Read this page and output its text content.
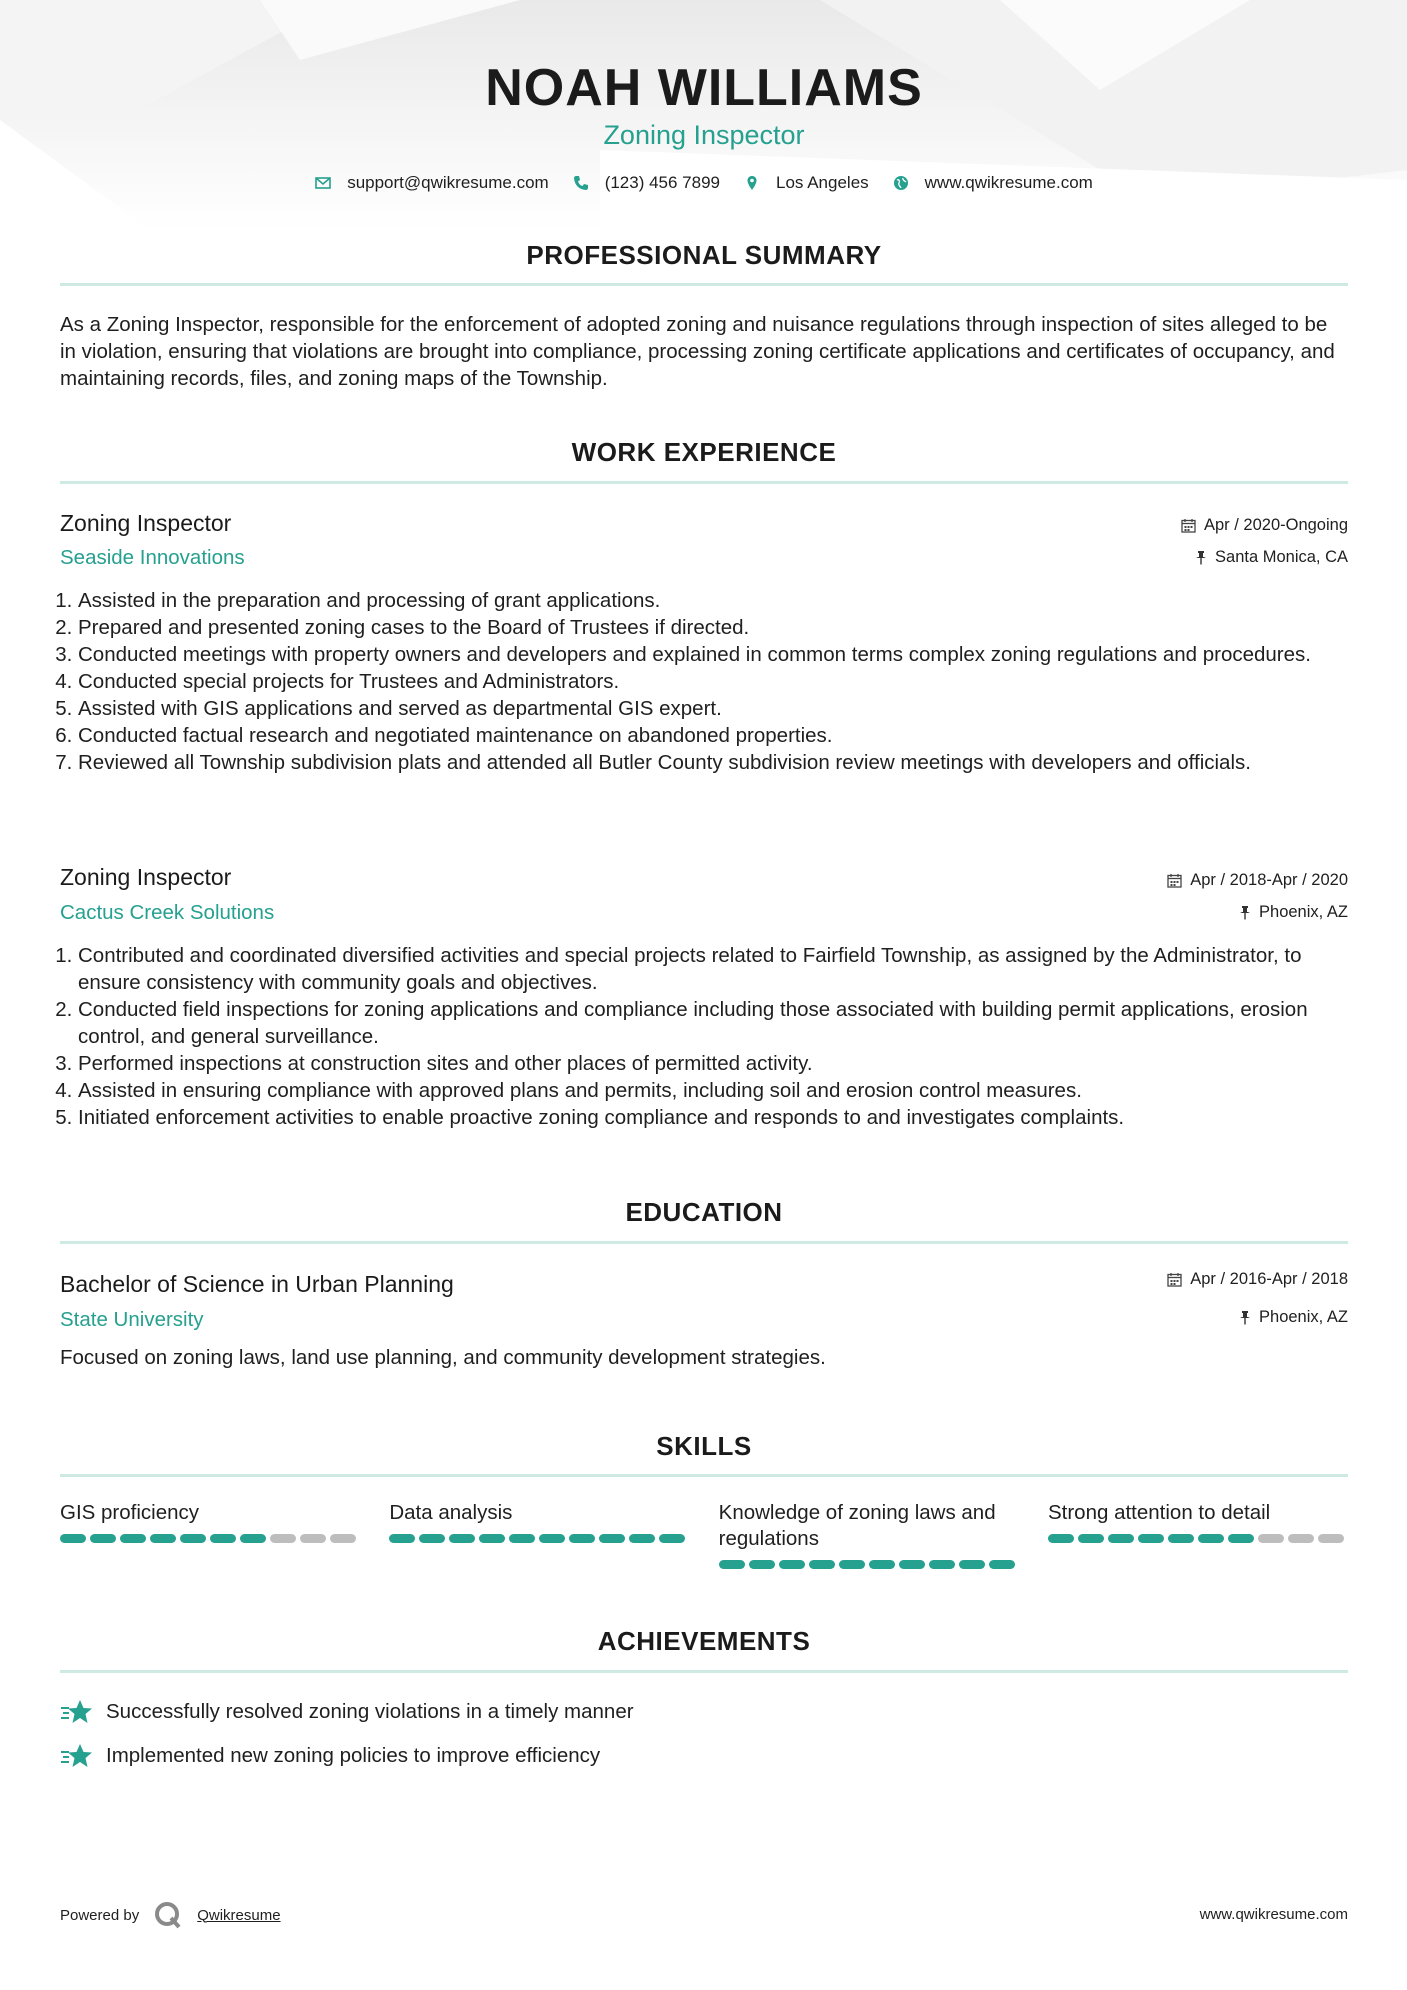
NOAH WILLIAMS
Zoning Inspector
support@qwikresume.com	(123) 456 7899	Los Angeles	www.qwikresume.com
PROFESSIONAL SUMMARY
As a Zoning Inspector, responsible for the enforcement of adopted zoning and nuisance regulations through inspection of sites alleged to be in violation, ensuring that violations are brought into compliance, processing zoning certificate applications and certificates of occupancy, and maintaining records, files, and zoning maps of the Township.
WORK EXPERIENCE
Zoning Inspector
Seaside Innovations
Apr / 2020-Ongoing
Santa Monica, CA
1. Assisted in the preparation and processing of grant applications.
2. Prepared and presented zoning cases to the Board of Trustees if directed.
3. Conducted meetings with property owners and developers and explained in common terms complex zoning regulations and procedures.
4. Conducted special projects for Trustees and Administrators.
5. Assisted with GIS applications and served as departmental GIS expert.
6. Conducted factual research and negotiated maintenance on abandoned properties.
7. Reviewed all Township subdivision plats and attended all Butler County subdivision review meetings with developers and officials.
Zoning Inspector
Cactus Creek Solutions
Apr / 2018-Apr / 2020
Phoenix, AZ
1. Contributed and coordinated diversified activities and special projects related to Fairfield Township, as assigned by the Administrator, to ensure consistency with community goals and objectives.
2. Conducted field inspections for zoning applications and compliance including those associated with building permit applications, erosion control, and general surveillance.
3. Performed inspections at construction sites and other places of permitted activity.
4. Assisted in ensuring compliance with approved plans and permits, including soil and erosion control measures.
5. Initiated enforcement activities to enable proactive zoning compliance and responds to and investigates complaints.
EDUCATION
Bachelor of Science in Urban Planning
State University
Apr / 2016-Apr / 2018
Phoenix, AZ
Focused on zoning laws, land use planning, and community development strategies.
SKILLS
GIS proficiency	Data analysis	Knowledge of zoning laws and regulations
Strong attention to detail
ACHIEVEMENTS
Successfully resolved zoning violations in a timely manner
Implemented new zoning policies to improve efficiency
Powered by	Qwikresume	www.qwikresume.com
